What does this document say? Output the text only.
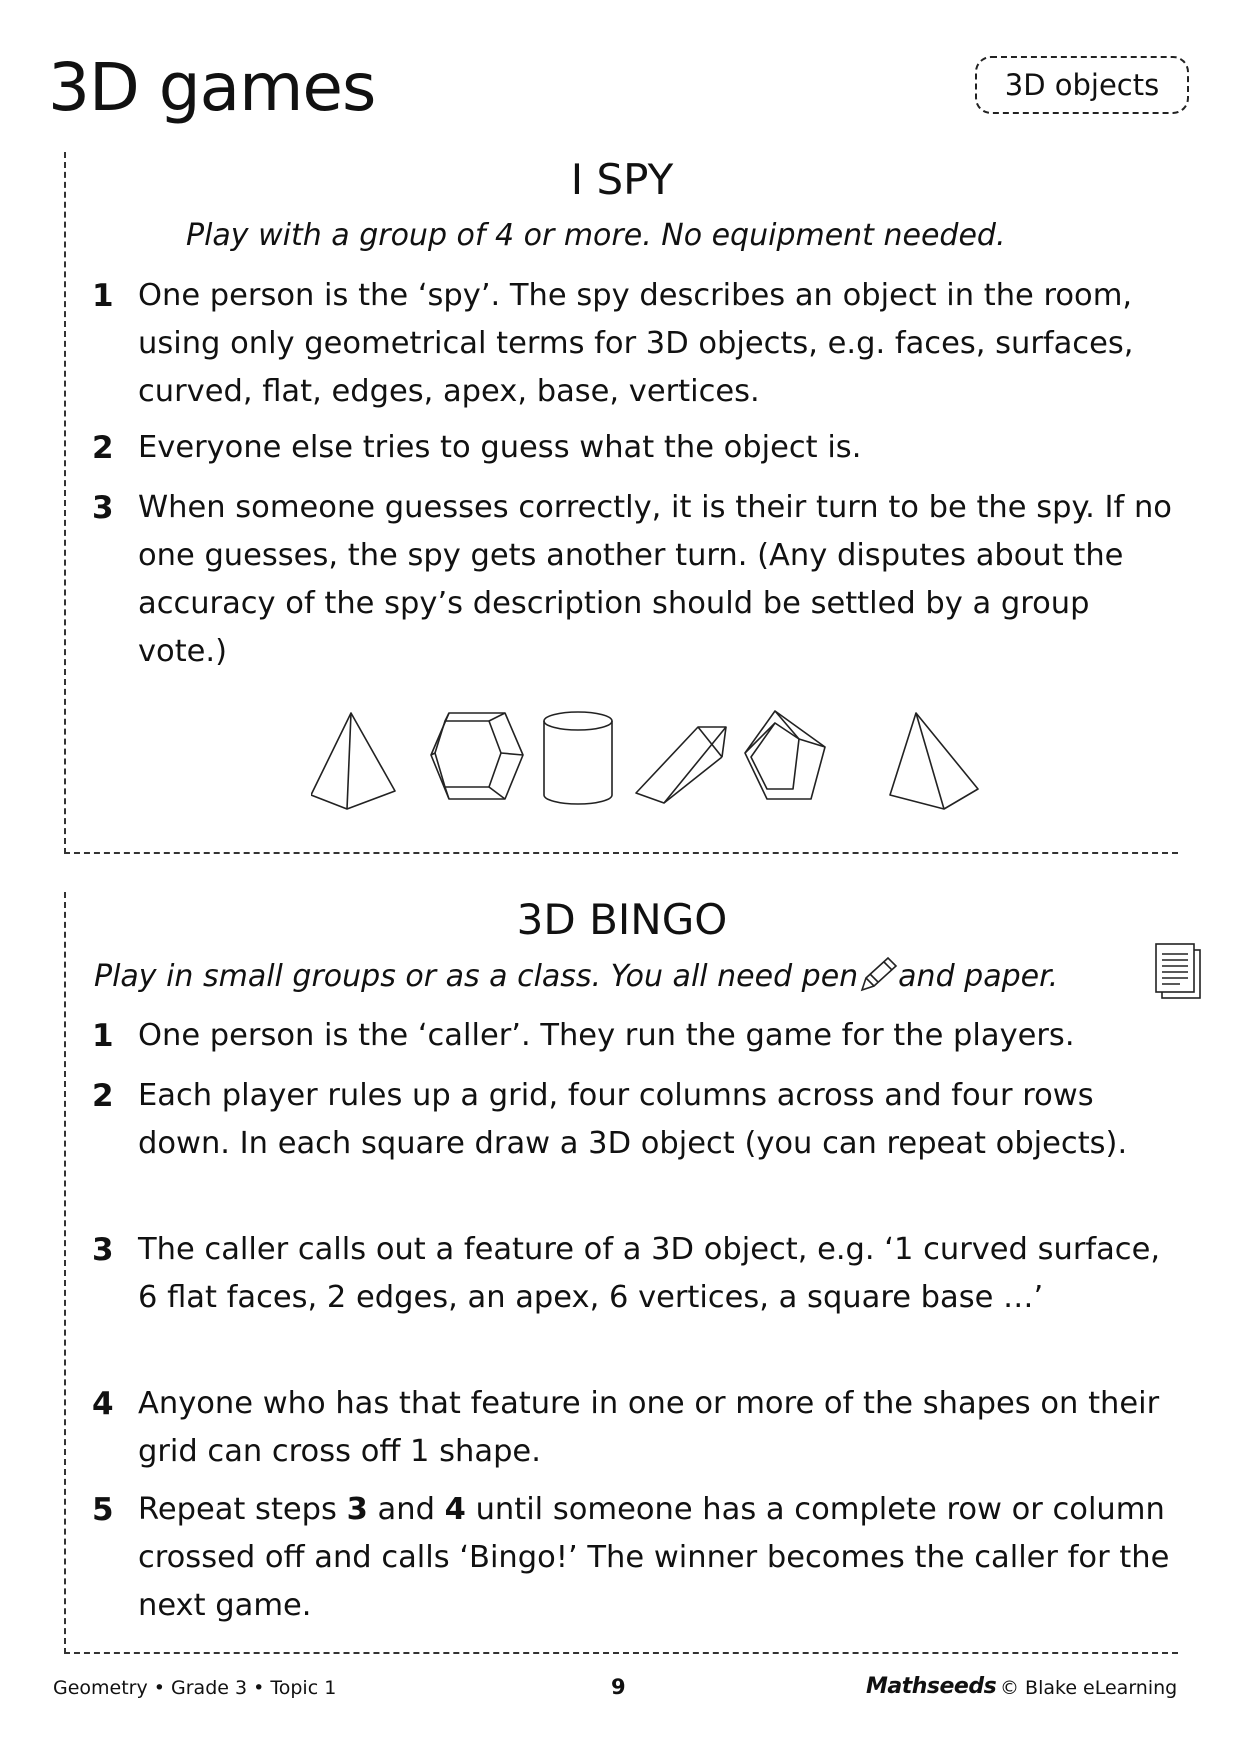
3D games	3D objects
I SPY
Play with a group of 4 or more. No equipment needed.
1 One person is the ‘spy’. The spy describes an object in the room, using only geometrical terms for 3D objects, e.g. faces, surfaces, curved, flat, edges, apex, base, vertices.

2 Everyone else tries to guess what the object is.

3 When someone guesses correctly, it is their turn to be the spy. If no one guesses, the spy gets another turn. (Any disputes about the accuracy of the spy’s description should be settled by a group vote.)

3D BINGO
Play in small groups or as a class. You all need pen and paper.
1 One person is the ‘caller’. They run the game for the players.

2 Each player rules up a grid, four columns across and four rows down. In each square draw a 3D object (you can repeat objects).

3 The caller calls out a feature of a 3D object, e.g. ‘1 curved surface, 6 flat faces, 2 edges, an apex, 6 vertices, a square base …’

4 Anyone who has that feature in one or more of the shapes on their grid can cross off 1 shape.

5 Repeat steps 3 and 4 until someone has a complete row or column crossed off and calls ‘Bingo!’ The winner becomes the caller for the next game.

Geometry • Grade 3 • Topic 1	9	Mathseeds © Blake eLearning
